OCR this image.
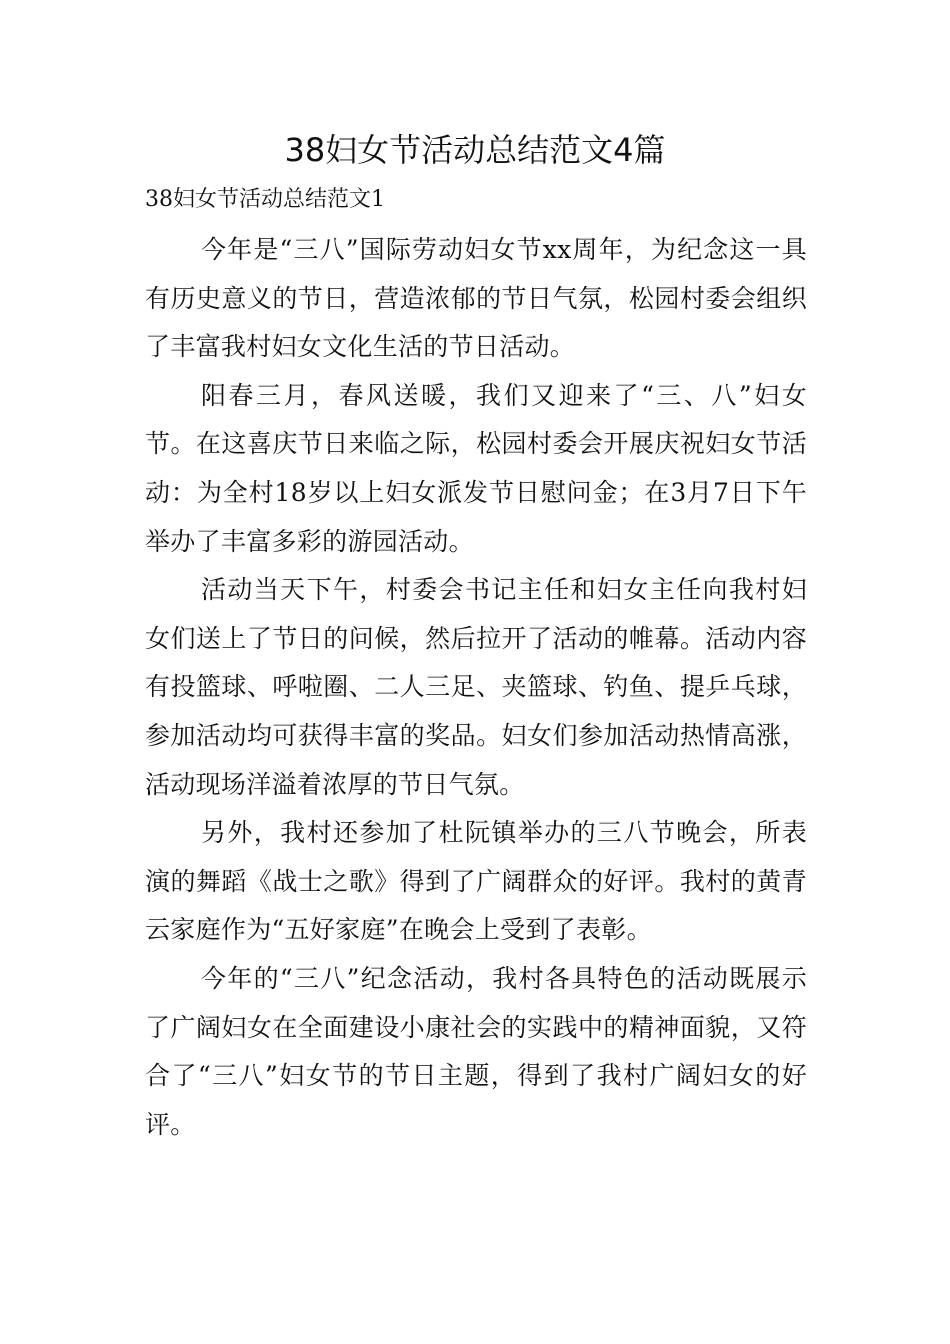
38妇女节活动总结范文4篇

38妇女节活动总结范文1

今年是“三八”国际劳动妇女节xx周年，为纪念这一具有历史意义的节日，营造浓郁的节日气氛，松园村委会组织了丰富我村妇女文化生活的节日活动。

阳春三月，春风送暖，我们又迎来了“三、八”妇女节。在这喜庆节日来临之际，松园村委会开展庆祝妇女节活动：为全村18岁以上妇女派发节日慰问金；在3月7日下午举办了丰富多彩的游园活动。

活动当天下午，村委会书记主任和妇女主任向我村妇女们送上了节日的问候，然后拉开了活动的帷幕。活动内容有投篮球、呼啦圈、二人三足、夹篮球、钓鱼、提乒乓球，参加活动均可获得丰富的奖品。妇女们参加活动热情高涨，活动现场洋溢着浓厚的节日气氛。

另外，我村还参加了杜阮镇举办的三八节晚会，所表演的舞蹈《战士之歌》得到了广阔群众的好评。我村的黄青云家庭作为“五好家庭”在晚会上受到了表彰。

今年的“三八”纪念活动，我村各具特色的活动既展示了广阔妇女在全面建设小康社会的实践中的精神面貌，又符合了“三八”妇女节的节日主题，得到了我村广阔妇女的好评。
